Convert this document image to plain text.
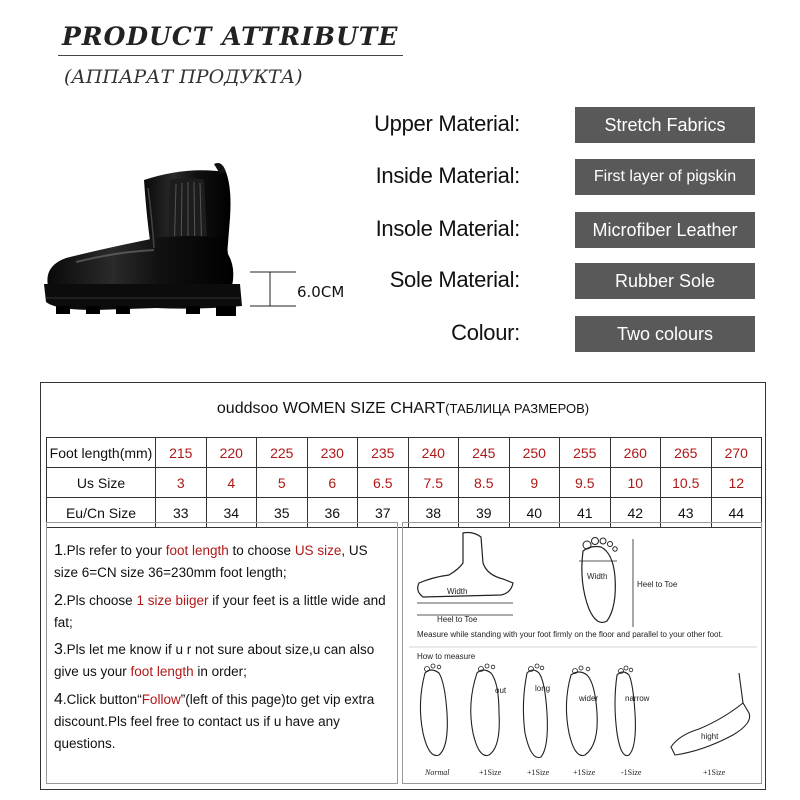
PRODUCT ATTRIBUTE
(АППАРАТ ПРОДУКТА)
6.0CM
Upper Material:	Stretch Fabrics
Inside Material:	First layer of pigskin
Insole Material:	Microfiber Leather
Sole Material:	Rubber Sole
Colour:	Two colours
ouddsoo WOMEN SIZE CHART(ТАБЛИЦА РАЗМЕРОВ)
Foot length(mm)	215	220	225	230	235	240	245	250	255	260	265	270
Us Size	3	4	5	6	6.5	7.5	8.5	9	9.5	10	10.5	12
Eu/Cn Size	33	34	35	36	37	38	39	40	41	42	43	44
1.Pls refer to your foot length to choose US size, US size 6=CN size 36=230mm foot length;
2.Pls choose 1 size biiger if your feet is a little wide and fat;
3.Pls let me know if u r not sure about size,u can also give us your foot length in order;
4.Click button“Follow”(left of this page)to get vip extra discount.Pls feel free to contact us if u have any questions.
Width
Heel to Toe
Width
Heel to Toe
Measure while standing with your foot firmly on the floor and parallel to your other foot.
How to measure
out	long
wider	narrow
hight
Normal	+1Size	+1Size	+1Size	-1Size	+1Size
